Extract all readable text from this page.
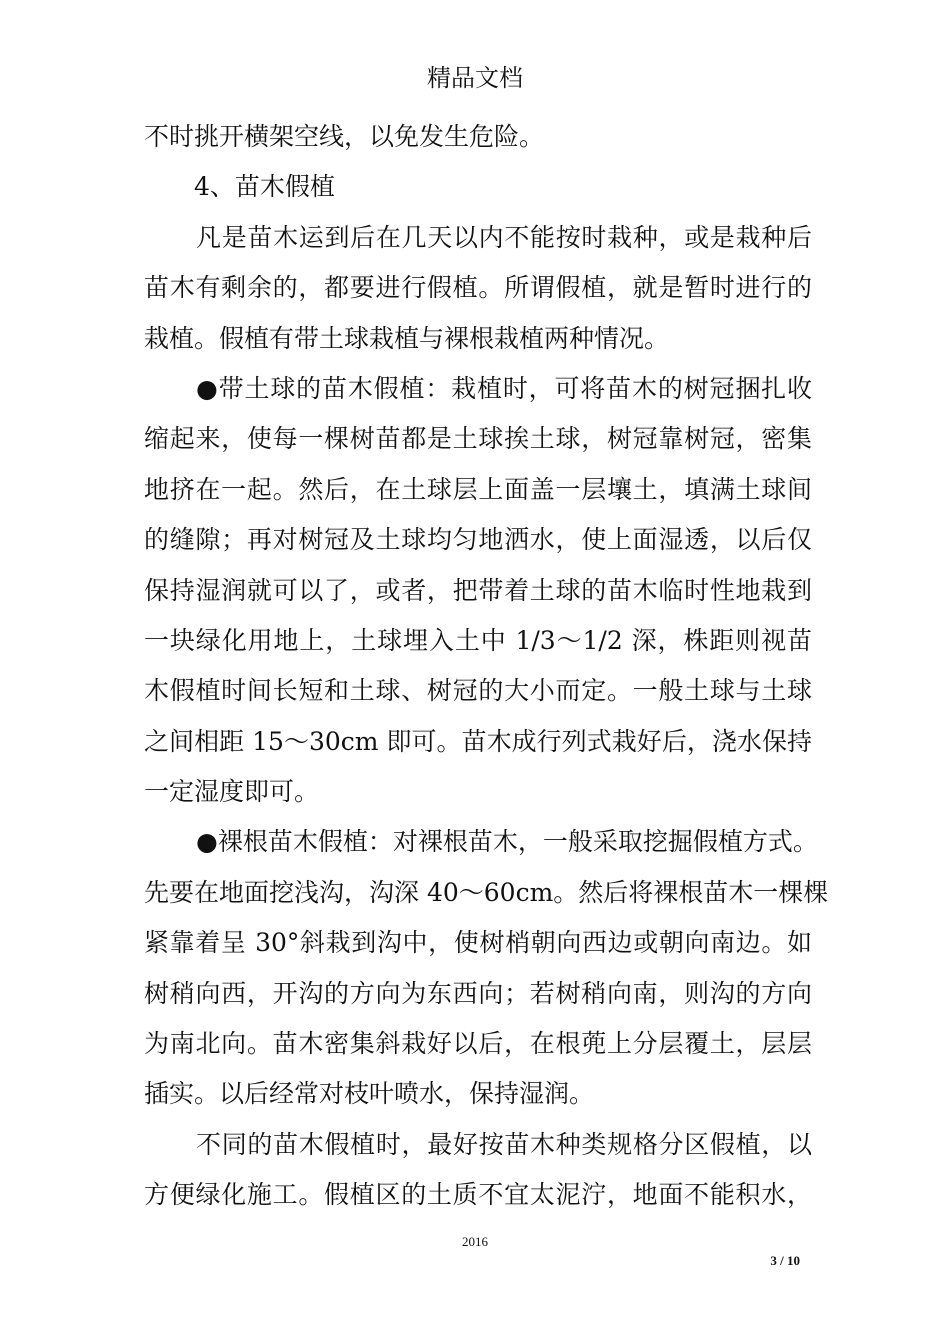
精品文档
不时挑开横架空线，以免发生危险。
4、苗木假植
凡是苗木运到后在几天以内不能按时栽种，或是栽种后
苗木有剩余的，都要进行假植。所谓假植，就是暂时进行的
栽植。假植有带土球栽植与裸根栽植两种情况。
●带土球的苗木假植：栽植时，可将苗木的树冠捆扎收
缩起来，使每一棵树苗都是土球挨土球，树冠靠树冠，密集
地挤在一起。然后，在土球层上面盖一层壤土，填满土球间
的缝隙；再对树冠及土球均匀地洒水，使上面湿透，以后仅
保持湿润就可以了，或者，把带着土球的苗木临时性地栽到
一块绿化用地上，土球埋入土中 1/3～1/2 深，株距则视苗
木假植时间长短和土球、树冠的大小而定。一般土球与土球
之间相距 15～30cm 即可。苗木成行列式栽好后，浇水保持
一定湿度即可。
●裸根苗木假植：对裸根苗木，一般采取挖掘假植方式。
先要在地面挖浅沟，沟深 40～60cm。然后将裸根苗木一棵棵
紧靠着呈 30°斜栽到沟中，使树梢朝向西边或朝向南边。如
树稍向西，开沟的方向为东西向；若树稍向南，则沟的方向
为南北向。苗木密集斜栽好以后，在根蔸上分层覆土，层层
插实。以后经常对枝叶喷水，保持湿润。
不同的苗木假植时，最好按苗木种类规格分区假植，以
方便绿化施工。假植区的土质不宜太泥泞，地面不能积水，
2016
3 / 10
